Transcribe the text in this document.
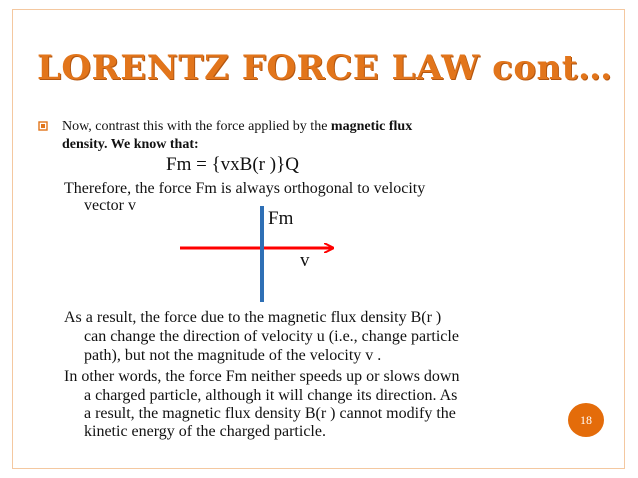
LORENTZ FORCE LAW cont…

Now, contrast this with the force applied by the magnetic flux
density. We know that:

Fm = {vxB(r )}Q

Therefore, the force Fm is always orthogonal to velocity

vector v

Fm

v

As a result, the force due to the magnetic flux density B(r )

can change the direction of velocity u (i.e., change particle

path), but not the magnitude of the velocity v .

In other words, the force Fm neither speeds up or slows down

a charged particle, although it will change its direction. As

a result, the magnetic flux density B(r ) cannot modify the

kinetic energy of the charged particle.

18
